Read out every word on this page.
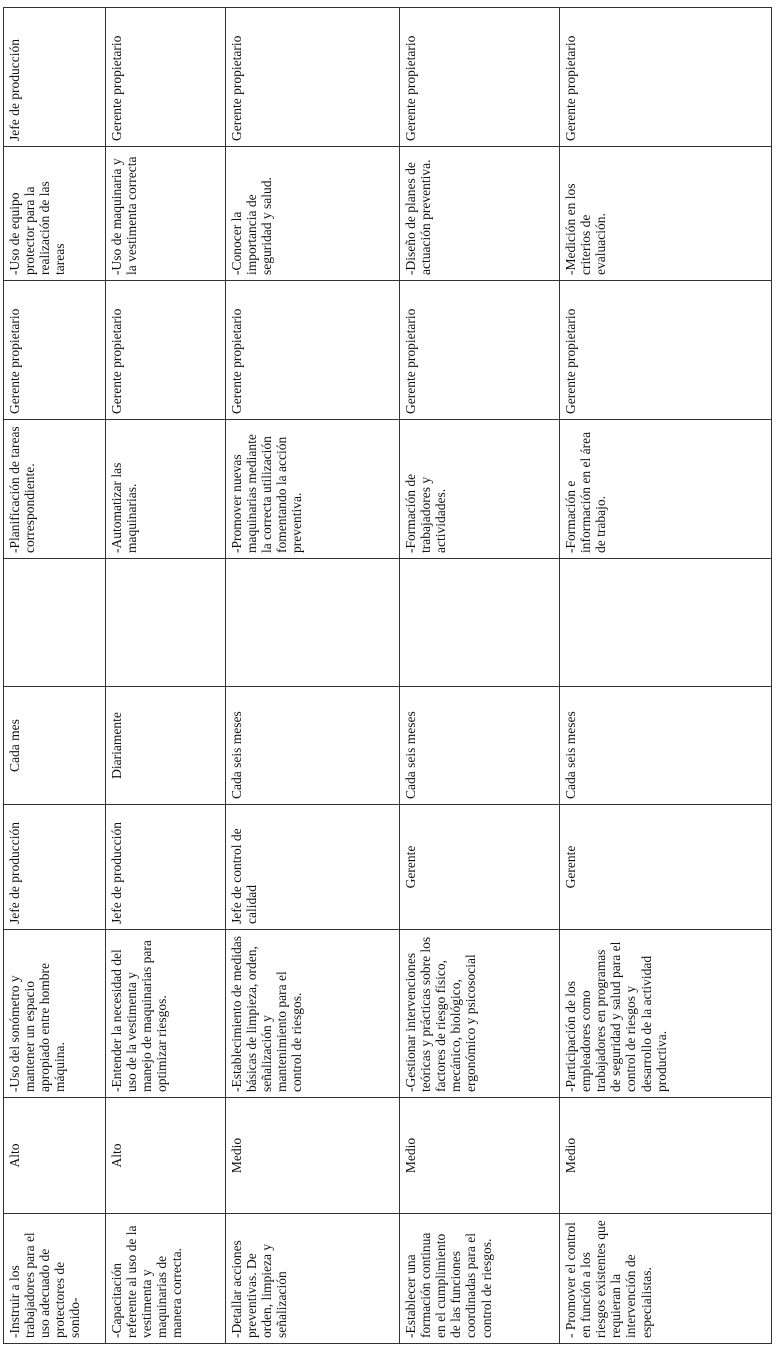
-Instruir a los trabajadores para el uso adecuado de protectores de sonido-	Alto	-Uso del sonómetro y mantener un espacio apropiado entre hombre máquina.	Jefe de producción	Cada mes		-Planificación de tareas correspondiente.	Gerente propietario	-Uso de equipo protector para la realización de las tareas	Jefe de producción
-Capacitación referente al uso de la vestimenta y maquinarias de manera correcta.	Alto	-Entender la necesidad del uso de la vestimenta y manejo de maquinarias para optimizar riesgos.	Jefe de producción	Diariamente		-Automatizar las maquinarias.	Gerente propietario	-Uso de maquinaria y la vestimenta correcta	Gerente propietario
-Detallar acciones preventivas. De orden, limpieza y señalización	Medio	-Establecimiento de medidas básicas de limpieza, orden, señalización y mantenimiento para el control de riesgos.	Jefe de control de calidad	Cada seis meses		-Promover nuevas maquinarias mediante la correcta utilización fomentando la acción preventiva.	Gerente propietario	-Conocer la importancia de seguridad y salud.	Gerente propietario
-Establecer una formación continua en el cumplimiento de las funciones coordinadas para el control de riesgos.	Medio	-Gestionar intervenciones teóricas y prácticas sobre los factores de riesgo físico, mecánico, biológico, ergonómico y psicosocial	Gerente	Cada seis meses		-Formación de trabajadores y actividades.	Gerente propietario	-Diseño de planes de actuación preventiva.	Gerente propietario
- Promover el control en función a los riesgos existentes que requieran la intervención de especialistas.	Medio	-Participación de los empleadores como trabajadores en programas de seguridad y salud para el control de riesgos y desarrollo de la actividad productiva.	Gerente	Cada seis meses		-Formación e información en el área de trabajo.	Gerente propietario	-Medición en los criterios de evaluación.	Gerente propietario
